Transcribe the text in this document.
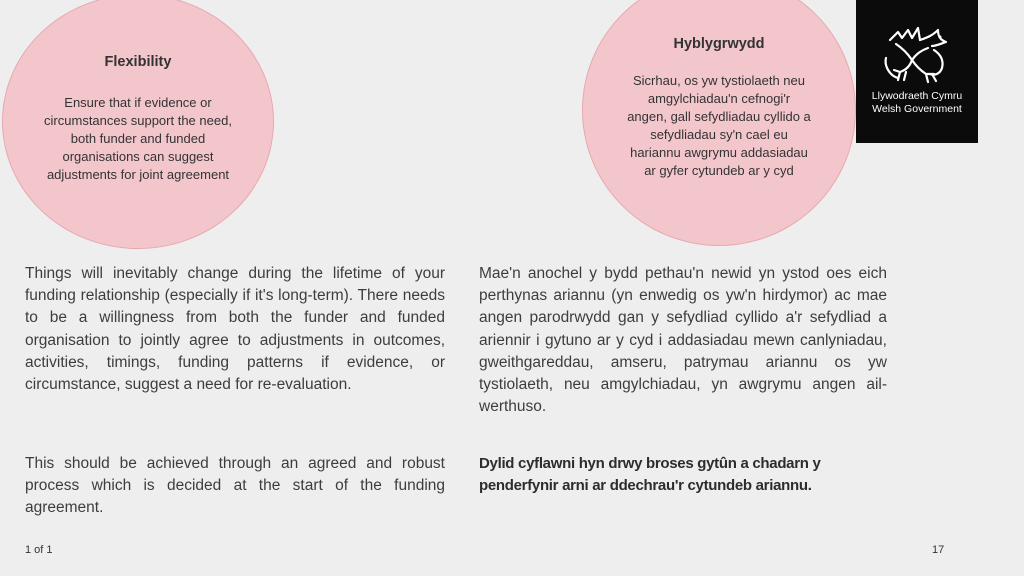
Flexibility
Ensure that if evidence or circumstances support the need, both funder and funded organisations can suggest adjustments for joint agreement
Hyblygrwydd
Sicrhau, os yw tystiolaeth neu amgylchiadau'n cefnogi'r angen, gall sefydliadau cyllido a sefydliadau sy'n cael eu hariannu awgrymu addasiadau ar gyfer cytundeb ar y cyd
Llywodraeth Cymru
Welsh Government
Things will inevitably change during the lifetime of your funding relationship (especially if it's long-term). There needs to be a willingness from both the funder and funded organisation to jointly agree to adjustments in outcomes, activities, timings, funding patterns if evidence, or circumstance, suggest a need for re-evaluation.
This should be achieved through an agreed and robust process which is decided at the start of the funding agreement.
Mae'n anochel y bydd pethau'n newid yn ystod oes eich perthynas ariannu (yn enwedig os yw'n hirdymor) ac mae angen parodrwydd gan y sefydliad cyllido a'r sefydliad a ariennir i gytuno ar y cyd i addasiadau mewn canlyniadau, gweithgareddau, amseru, patrymau ariannu os yw tystiolaeth, neu amgylchiadau, yn awgrymu angen ail-werthuso.
Dylid cyflawni hyn drwy broses gytûn a chadarn y penderfynir arni ar ddechrau'r cytundeb ariannu.
1 of 1	17
